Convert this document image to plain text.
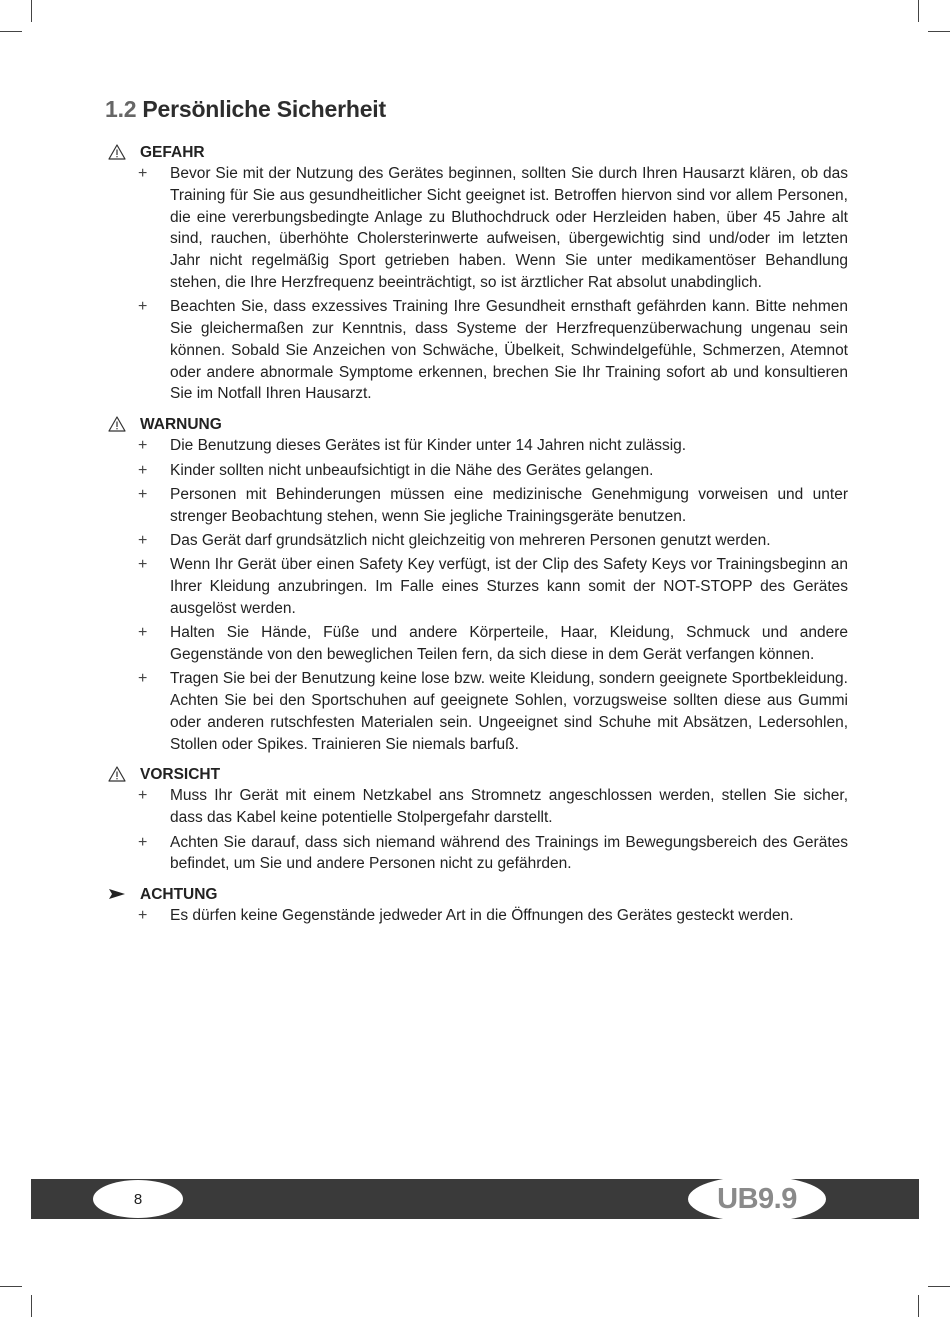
1.2 Persönliche Sicherheit
GEFAHR
+ Bevor Sie mit der Nutzung des Gerätes beginnen, sollten Sie durch Ihren Hausarzt klären, ob das Training für Sie aus gesundheitlicher Sicht geeignet ist. Betroffen hiervon sind vor allem Personen, die eine vererbungsbedingte Anlage zu Bluthochdruck oder Herzleiden haben, über 45 Jahre alt sind, rauchen, überhöhte Cholersterinwerte aufweisen, übergewichtig sind und/oder im letzten Jahr nicht regelmäßig Sport getrieben haben. Wenn Sie unter medikamentöser Behandlung stehen, die Ihre Herzfrequenz beeinträchtigt, so ist ärztlicher Rat absolut unabdinglich.
+ Beachten Sie, dass exzessives Training Ihre Gesundheit ernsthaft gefährden kann. Bitte nehmen Sie gleichermaßen zur Kenntnis, dass Systeme der Herzfrequenzüberwachung ungenau sein können. Sobald Sie Anzeichen von Schwäche, Übelkeit, Schwindelgefühle, Schmerzen, Atemnot oder andere abnormale Symptome erkennen, brechen Sie Ihr Training sofort ab und konsultieren Sie im Notfall Ihren Hausarzt.
WARNUNG
+ Die Benutzung dieses Gerätes ist für Kinder unter 14 Jahren nicht zulässig.
+ Kinder sollten nicht unbeaufsichtigt in die Nähe des Gerätes gelangen.
+ Personen mit Behinderungen müssen eine medizinische Genehmigung vorweisen und unter strenger Beobachtung stehen, wenn Sie jegliche Trainingsgeräte benutzen.
+ Das Gerät darf grundsätzlich nicht gleichzeitig von mehreren Personen genutzt werden.
+ Wenn Ihr Gerät über einen Safety Key verfügt, ist der Clip des Safety Keys vor Trainingsbeginn an Ihrer Kleidung anzubringen. Im Falle eines Sturzes kann somit der NOT-STOPP des Gerätes ausgelöst werden.
+ Halten Sie Hände, Füße und andere Körperteile, Haar, Kleidung, Schmuck und andere Gegenstände von den beweglichen Teilen fern, da sich diese in dem Gerät verfangen können.
+ Tragen Sie bei der Benutzung keine lose bzw. weite Kleidung, sondern geeignete Sportbekleidung. Achten Sie bei den Sportschuhen auf geeignete Sohlen, vorzugsweise sollten diese aus Gummi oder anderen rutschfesten Materialen sein. Ungeeignet sind Schuhe mit Absätzen, Ledersohlen, Stollen oder Spikes. Trainieren Sie niemals barfuß.
VORSICHT
+ Muss Ihr Gerät mit einem Netzkabel ans Stromnetz angeschlossen werden, stellen Sie sicher, dass das Kabel keine potentielle Stolpergefahr darstellt.
+ Achten Sie darauf, dass sich niemand während des Trainings im Bewegungsbereich des Gerätes befindet, um Sie und andere Personen nicht zu gefährden.
ACHTUNG
+ Es dürfen keine Gegenstände jedweder Art in die Öffnungen des Gerätes gesteckt werden.
8	UB9.9
